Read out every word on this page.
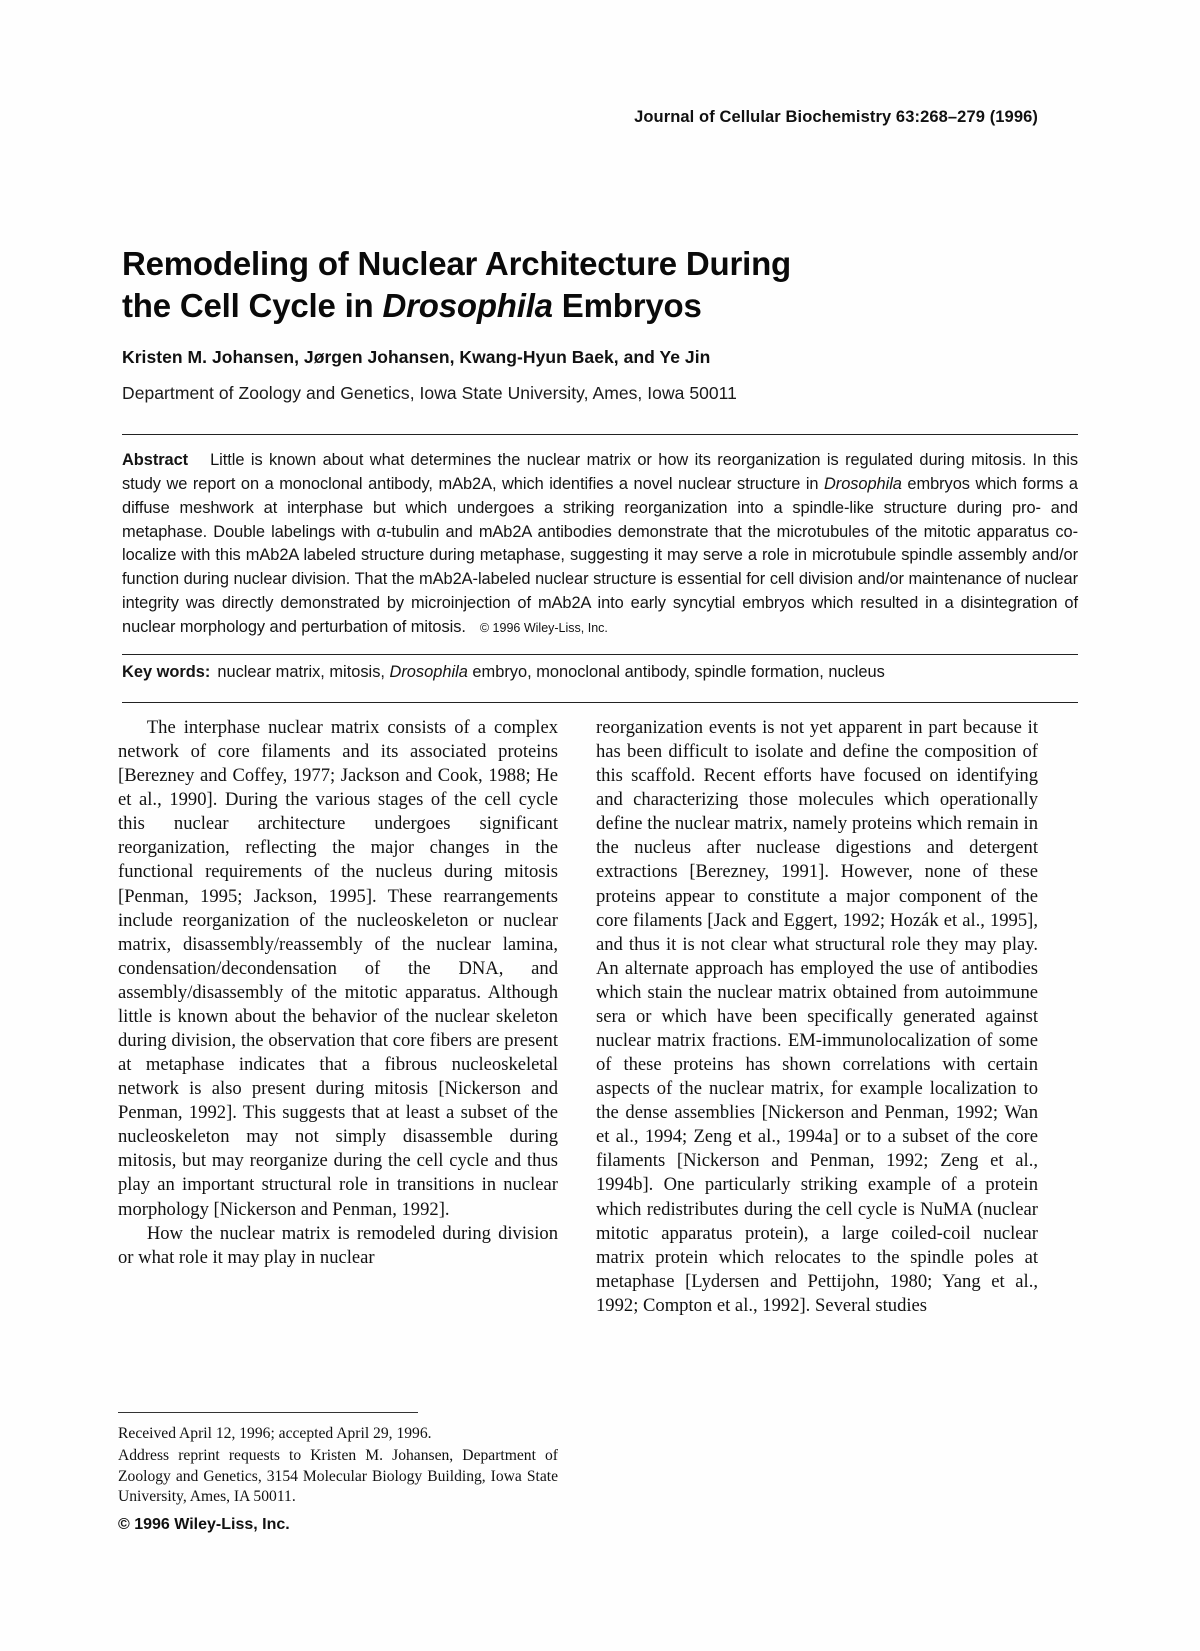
Journal of Cellular Biochemistry 63:268–279 (1996)
Remodeling of Nuclear Architecture During
the Cell Cycle in Drosophila Embryos
Kristen M. Johansen, Jørgen Johansen, Kwang-Hyun Baek, and Ye Jin
Department of Zoology and Genetics, Iowa State University, Ames, Iowa 50011
Abstract Little is known about what determines the nuclear matrix or how its reorganization is regulated during mitosis. In this study we report on a monoclonal antibody, mAb2A, which identifies a novel nuclear structure in Drosophila embryos which forms a diffuse meshwork at interphase but which undergoes a striking reorganization into a spindle-like structure during pro- and metaphase. Double labelings with α-tubulin and mAb2A antibodies demonstrate that the microtubules of the mitotic apparatus co-localize with this mAb2A labeled structure during metaphase, suggesting it may serve a role in microtubule spindle assembly and/or function during nuclear division. That the mAb2A-labeled nuclear structure is essential for cell division and/or maintenance of nuclear integrity was directly demonstrated by microinjection of mAb2A into early syncytial embryos which resulted in a disintegration of nuclear morphology and perturbation of mitosis. © 1996 Wiley-Liss, Inc.
Key words: nuclear matrix, mitosis, Drosophila embryo, monoclonal antibody, spindle formation, nucleus

The interphase nuclear matrix consists of a complex network of core filaments and its associated proteins [Berezney and Coffey, 1977; Jackson and Cook, 1988; He et al., 1990]. During the various stages of the cell cycle this nuclear architecture undergoes significant reorganization, reflecting the major changes in the functional requirements of the nucleus during mitosis [Penman, 1995; Jackson, 1995]. These rearrangements include reorganization of the nucleoskeleton or nuclear matrix, disassembly/reassembly of the nuclear lamina, condensation/decondensation of the DNA, and assembly/disassembly of the mitotic apparatus. Although little is known about the behavior of the nuclear skeleton during division, the observation that core fibers are present at metaphase indicates that a fibrous nucleoskeletal network is also present during mitosis [Nickerson and Penman, 1992]. This suggests that at least a subset of the nucleoskeleton may not simply disassemble during mitosis, but may reorganize during the cell cycle and thus play an important structural role in transitions in nuclear morphology [Nickerson and Penman, 1992].

How the nuclear matrix is remodeled during division or what role it may play in nuclear

reorganization events is not yet apparent in part because it has been difficult to isolate and define the composition of this scaffold. Recent efforts have focused on identifying and characterizing those molecules which operationally define the nuclear matrix, namely proteins which remain in the nucleus after nuclease digestions and detergent extractions [Berezney, 1991]. However, none of these proteins appear to constitute a major component of the core filaments [Jack and Eggert, 1992; Hozák et al., 1995], and thus it is not clear what structural role they may play. An alternate approach has employed the use of antibodies which stain the nuclear matrix obtained from autoimmune sera or which have been specifically generated against nuclear matrix fractions. EM-immunolocalization of some of these proteins has shown correlations with certain aspects of the nuclear matrix, for example localization to the dense assemblies [Nickerson and Penman, 1992; Wan et al., 1994; Zeng et al., 1994a] or to a subset of the core filaments [Nickerson and Penman, 1992; Zeng et al., 1994b]. One particularly striking example of a protein which redistributes during the cell cycle is NuMA (nuclear mitotic apparatus protein), a large coiled-coil nuclear matrix protein which relocates to the spindle poles at metaphase [Lydersen and Pettijohn, 1980; Yang et al., 1992; Compton et al., 1992]. Several studies

Received April 12, 1996; accepted April 29, 1996.

Address reprint requests to Kristen M. Johansen, Department of Zoology and Genetics, 3154 Molecular Biology Building, Iowa State University, Ames, IA 50011.

© 1996 Wiley-Liss, Inc.
